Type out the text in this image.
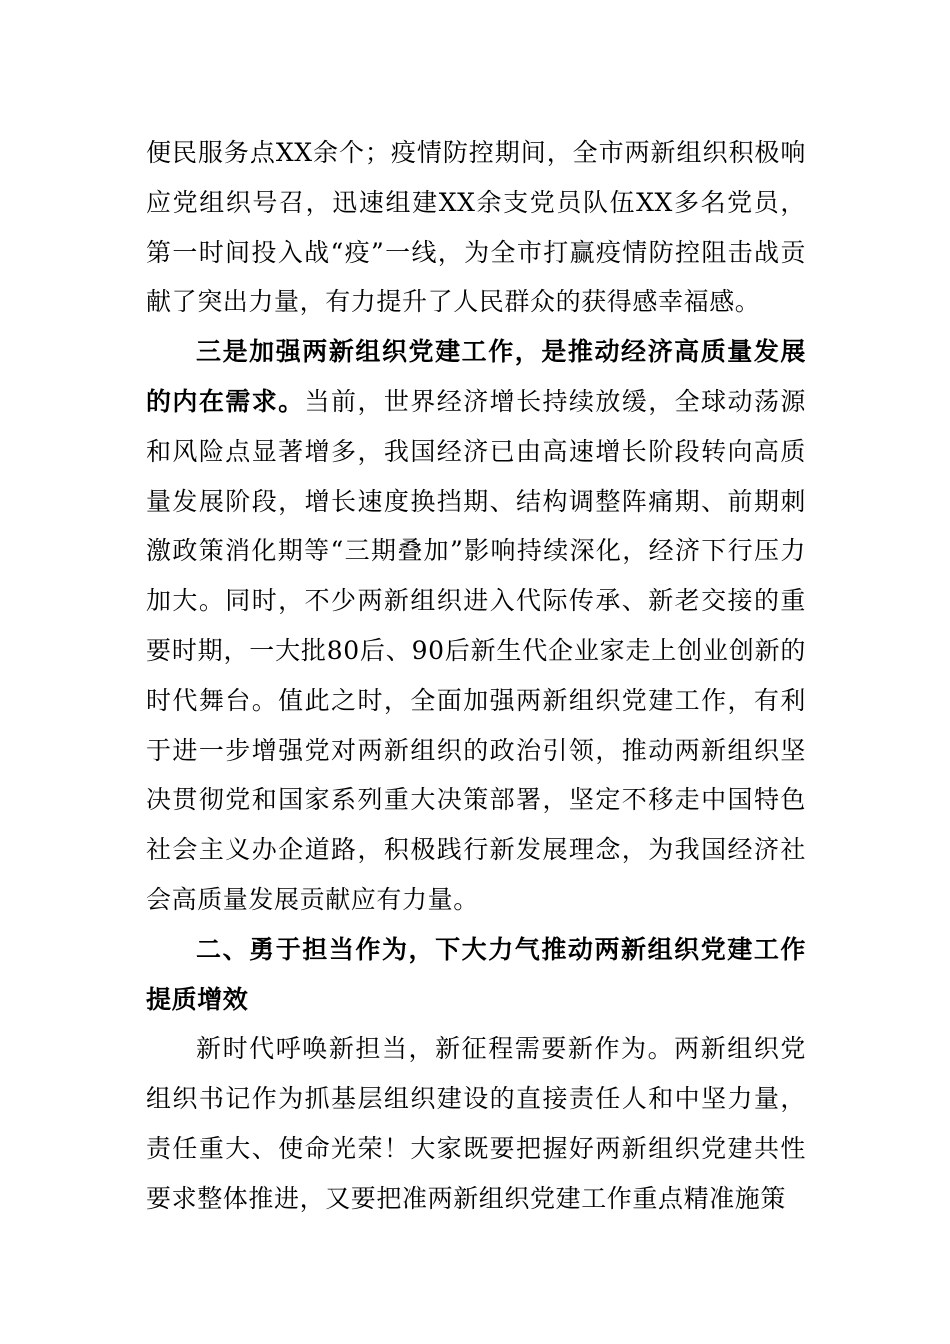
便民服务点XX余个；疫情防控期间，全市两新组织积极响应党组织号召，迅速组建XX余支党员队伍XX多名党员，第一时间投入战“疫”一线，为全市打赢疫情防控阻击战贡献了突出力量，有力提升了人民群众的获得感幸福感。

三是加强两新组织党建工作，是推动经济高质量发展的内在需求。当前，世界经济增长持续放缓，全球动荡源和风险点显著增多，我国经济已由高速增长阶段转向高质量发展阶段，增长速度换挡期、结构调整阵痛期、前期刺激政策消化期等“三期叠加”影响持续深化，经济下行压力加大。同时，不少两新组织进入代际传承、新老交接的重要时期，一大批80后、90后新生代企业家走上创业创新的时代舞台。值此之时，全面加强两新组织党建工作，有利于进一步增强党对两新组织的政治引领，推动两新组织坚决贯彻党和国家系列重大决策部署，坚定不移走中国特色社会主义办企道路，积极践行新发展理念，为我国经济社会高质量发展贡献应有力量。

二、勇于担当作为，下大力气推动两新组织党建工作提质增效

新时代呼唤新担当，新征程需要新作为。两新组织党组织书记作为抓基层组织建设的直接责任人和中坚力量，责任重大、使命光荣！大家既要把握好两新组织党建共性要求整体推进，又要把准两新组织党建工作重点精准施策
